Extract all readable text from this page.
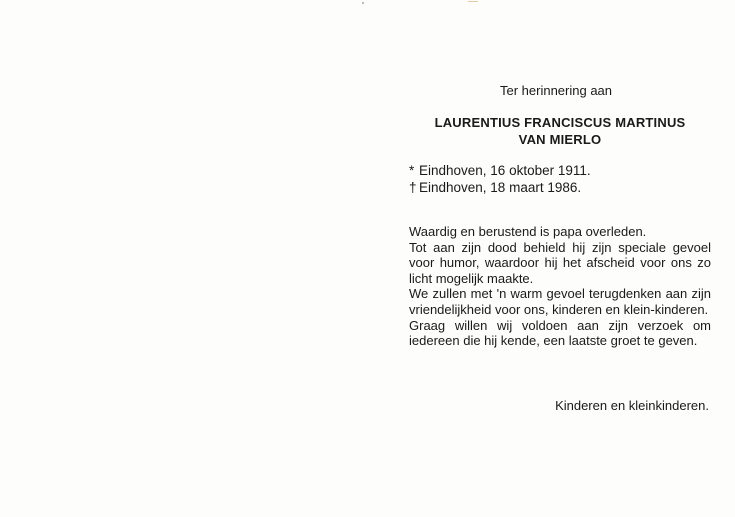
Ter herinnering aan
LAURENTIUS FRANCISCUS MARTINUS
VAN MIERLO
* Eindhoven, 16 oktober 1911.
† Eindhoven, 18 maart 1986.

Waardig en berustend is papa overleden.

Tot aan zijn dood behield hij zijn speciale gevoel voor humor, waardoor hij het afscheid voor ons zo licht mogelijk maakte.

We zullen met 'n warm gevoel terugdenken aan zijn vriendelijkheid voor ons, kinderen en klein-kinderen.

Graag willen wij voldoen aan zijn verzoek om iedereen die hij kende, een laatste groet te geven.

Kinderen en kleinkinderen.
